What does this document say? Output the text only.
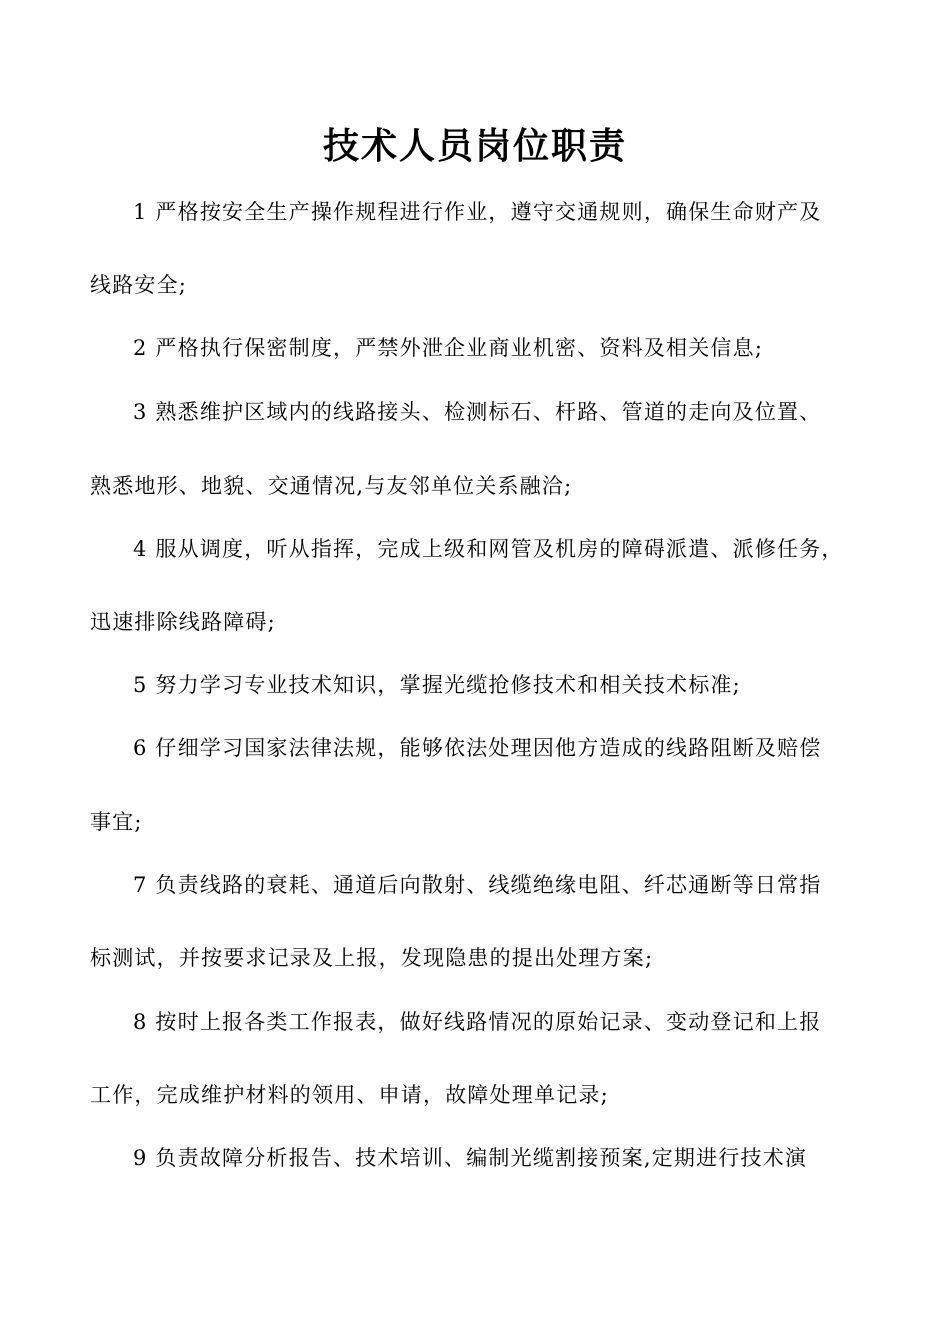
技术人员岗位职责
1 严格按安全生产操作规程进行作业，遵守交通规则，确保生命财产及
线路安全;
2 严格执行保密制度，严禁外泄企业商业机密、资料及相关信息;
3 熟悉维护区域内的线路接头、检测标石、杆路、管道的走向及位置、
熟悉地形、地貌、交通情况,与友邻单位关系融洽;
4 服从调度，听从指挥，完成上级和网管及机房的障碍派遣、派修任务，
迅速排除线路障碍;
5 努力学习专业技术知识，掌握光缆抢修技术和相关技术标准;
6 仔细学习国家法律法规，能够依法处理因他方造成的线路阻断及赔偿
事宜;
7 负责线路的衰耗、通道后向散射、线缆绝缘电阻、纤芯通断等日常指
标测试，并按要求记录及上报，发现隐患的提出处理方案;
8 按时上报各类工作报表，做好线路情况的原始记录、变动登记和上报
工作，完成维护材料的领用、申请，故障处理单记录;
9 负责故障分析报告、技术培训、编制光缆割接预案,定期进行技术演
